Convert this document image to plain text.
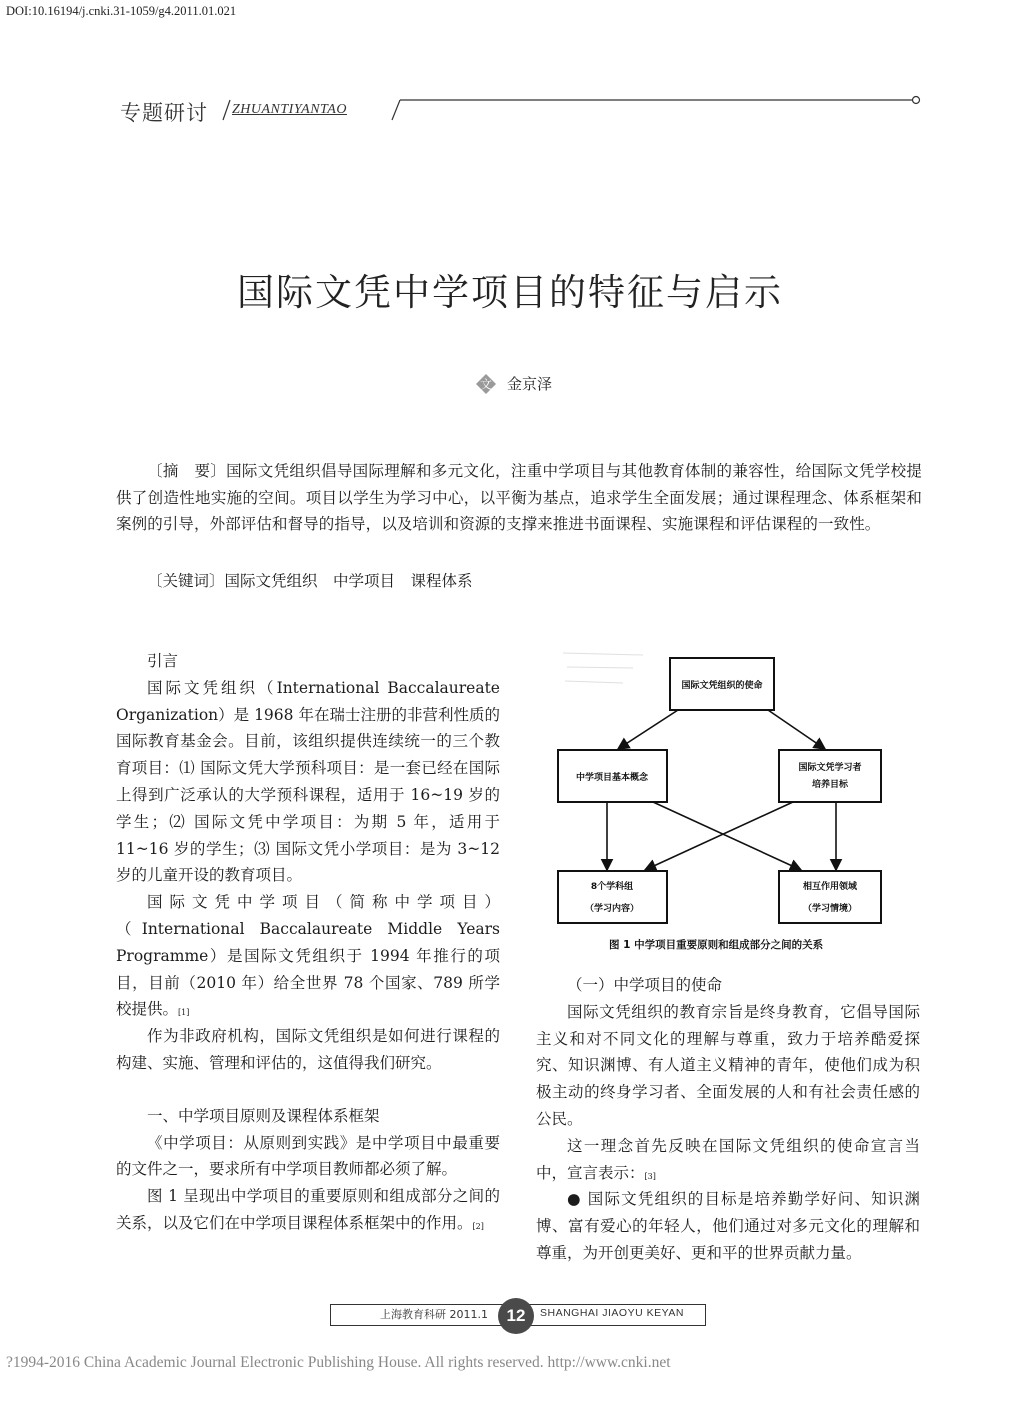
DOI:10.16194/j.cnki.31-1059/g4.2011.01.021
专题研讨 ZHUANTIYANTAO
国际文凭中学项目的特征与启示
文 金京泽
〔摘　要〕国际文凭组织倡导国际理解和多元文化，注重中学项目与其他教育体制的兼容性，给国际文凭学校提供了创造性地实施的空间。项目以学生为学习中心，以平衡为基点，追求学生全面发展；通过课程理念、体系框架和案例的引导，外部评估和督导的指导，以及培训和资源的支撑来推进书面课程、实施课程和评估课程的一致性。
〔关键词〕国际文凭组织　中学项目　课程体系

引言

国际文凭组织（International Baccalaureate Organization）是 1968 年在瑞士注册的非营利性质的国际教育基金会。目前，该组织提供连续统一的三个教育项目：⑴ 国际文凭大学预科项目：是一套已经在国际上得到广泛承认的大学预科课程，适用于 16~19 岁的学生；⑵ 国际文凭中学项目：为期 5 年，适用于 11~16 岁的学生；⑶ 国际文凭小学项目：是为 3~12 岁的儿童开设的教育项目。

国际文凭中学项目（简称中学项目）（International Baccalaureate Middle Years Programme）是国际文凭组织于 1994 年推行的项目，目前（2010 年）给全世界 78 个国家、789 所学校提供。[1]

作为非政府机构，国际文凭组织是如何进行课程的构建、实施、管理和评估的，这值得我们研究。

一、中学项目原则及课程体系框架

《中学项目：从原则到实践》是中学项目中最重要的文件之一，要求所有中学项目教师都必须了解。

图 1 呈现出中学项目的重要原则和组成部分之间的关系，以及它们在中学项目课程体系框架中的作用。[2]

国际文凭组织的使命
中学项目基本概念
国际文凭学习者
培养目标
8个学科组
（学习内容）
相互作用领域
（学习情境）
图 1 中学项目重要原则和组成部分之间的关系

（一）中学项目的使命

国际文凭组织的教育宗旨是终身教育，它倡导国际主义和对不同文化的理解与尊重，致力于培养酷爱探究、知识渊博、有人道主义精神的青年，使他们成为积极主动的终身学习者、全面发展的人和有社会责任感的公民。

这一理念首先反映在国际文凭组织的使命宣言当中，宣言表示：[3]

● 国际文凭组织的目标是培养勤学好问、知识渊博、富有爱心的年轻人，他们通过对多元文化的理解和尊重，为开创更美好、更和平的世界贡献力量。

上海教育科研 2011.1	12	SHANGHAI JIAOYU KEYAN
?1994-2016 China Academic Journal Electronic Publishing House. All rights reserved. http://www.cnki.net
